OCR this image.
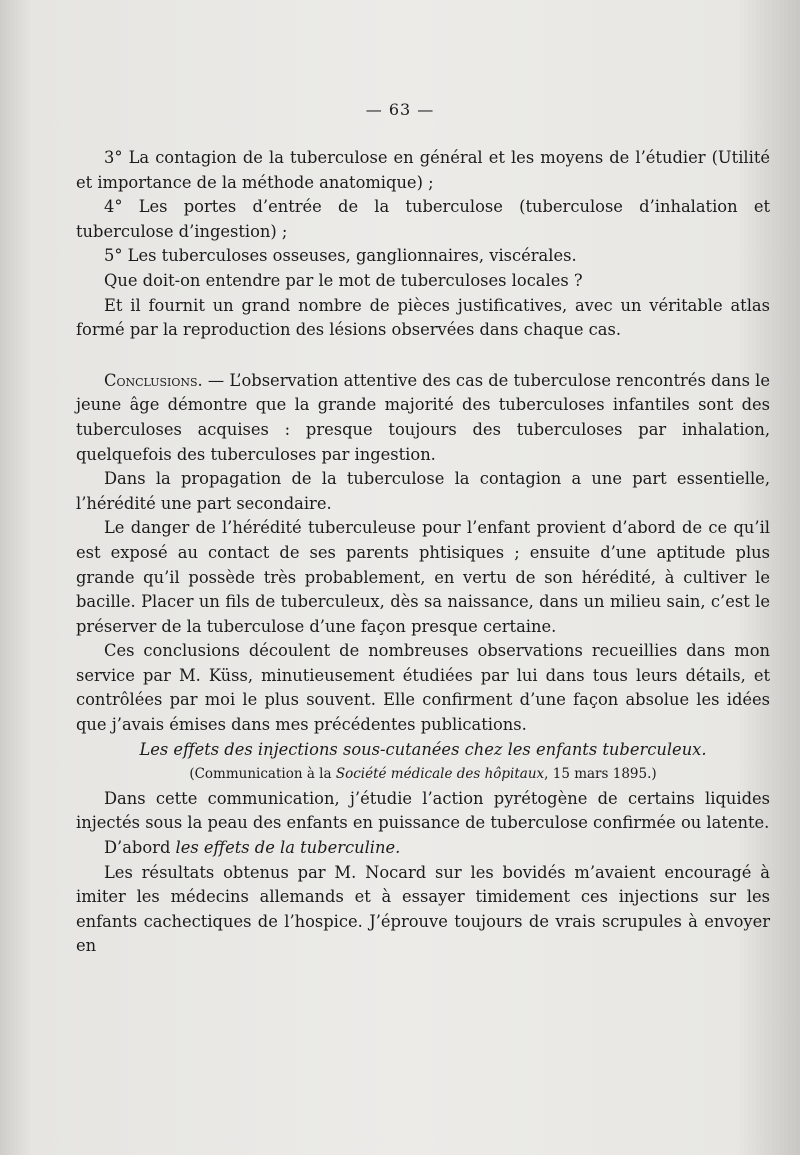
— 63 —

3° La contagion de la tuberculose en général et les moyens de l’étudier (Utilité et importance de la méthode anatomique) ;

4° Les portes d’entrée de la tuberculose (tuberculose d’inhalation et tuberculose d’ingestion) ;

5° Les tuberculoses osseuses, ganglionnaires, viscérales.

Que doit-on entendre par le mot de tuberculoses locales ?

Et il fournit un grand nombre de pièces justificatives, avec un véritable atlas formé par la reproduction des lésions observées dans chaque cas.

Conclusions. — L’observation attentive des cas de tuberculose rencontrés dans le jeune âge démontre que la grande majorité des tuberculoses infantiles sont des tuberculoses acquises : presque toujours des tuberculoses par inhalation, quelquefois des tuberculoses par ingestion.

Dans la propagation de la tuberculose la contagion a une part essentielle, l’hérédité une part secondaire.

Le danger de l’hérédité tuberculeuse pour l’enfant provient d’abord de ce qu’il est exposé au contact de ses parents phtisiques ; ensuite d’une aptitude plus grande qu’il possède très probablement, en vertu de son hérédité, à cultiver le bacille. Placer un fils de tuberculeux, dès sa naissance, dans un milieu sain, c’est le préserver de la tuberculose d’une façon presque certaine.

Ces conclusions découlent de nombreuses observations recueillies dans mon service par M. Küss, minutieusement étudiées par lui dans tous leurs détails, et contrôlées par moi le plus souvent. Elle confirment d’une façon absolue les idées que j’avais émises dans mes précédentes publications.

Les effets des injections sous-cutanées chez les enfants tuberculeux.

(Communication à la Société médicale des hôpitaux, 15 mars 1895.)

Dans cette communication, j’étudie l’action pyrétogène de certains liquides injectés sous la peau des enfants en puissance de tuberculose confirmée ou latente.

D’abord les effets de la tuberculine.

Les résultats obtenus par M. Nocard sur les bovidés m’avaient encouragé à imiter les médecins allemands et à essayer timidement ces injections sur les enfants cachectiques de l’hospice. J’éprouve toujours de vrais scrupules à envoyer en
